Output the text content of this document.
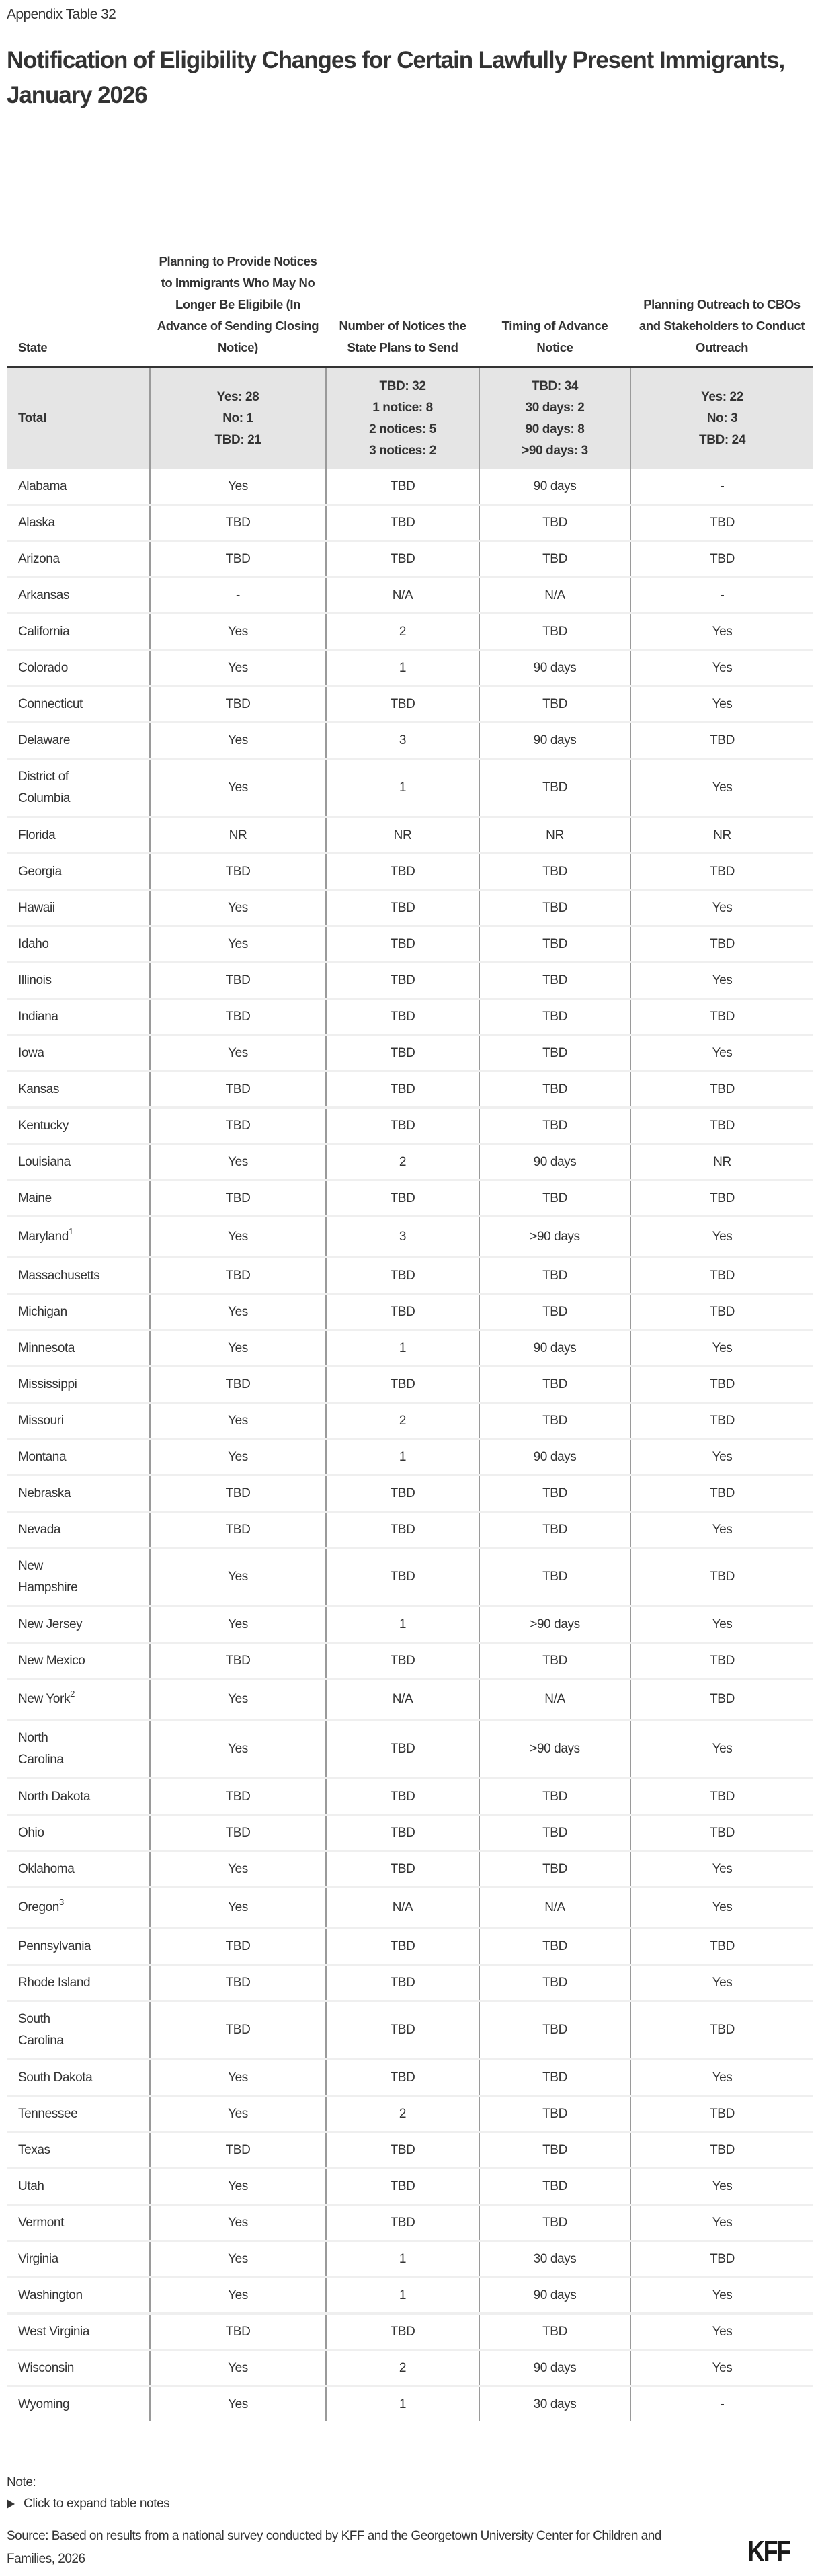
Appendix Table 32
Notification of Eligibility Changes for Certain Lawfully Present Immigrants, January 2026
State	Planning to Provide Notices to Immigrants Who May No Longer Be Eligibile (In Advance of Sending Closing Notice)	Number of Notices the State Plans to Send	Timing of Advance Notice	Planning Outreach to CBOs and Stakeholders to Conduct Outreach
Total	Yes: 28
No: 1
TBD: 21	TBD: 32
1 notice: 8
2 notices: 5
3 notices: 2	TBD: 34
30 days: 2
90 days: 8
>90 days: 3	Yes: 22
No: 3
TBD: 24

Alabama	Yes	TBD	90 days	-
Alaska	TBD	TBD	TBD	TBD
Arizona	TBD	TBD	TBD	TBD
Arkansas	-	N/A	N/A	-
California	Yes	2	TBD	Yes
Colorado	Yes	1	90 days	Yes
Connecticut	TBD	TBD	TBD	Yes
Delaware	Yes	3	90 days	TBD
District of Columbia	Yes	1	TBD	Yes
Florida	NR	NR	NR	NR
Georgia	TBD	TBD	TBD	TBD
Hawaii	Yes	TBD	TBD	Yes
Idaho	Yes	TBD	TBD	TBD
Illinois	TBD	TBD	TBD	Yes
Indiana	TBD	TBD	TBD	TBD
Iowa	Yes	TBD	TBD	Yes
Kansas	TBD	TBD	TBD	TBD
Kentucky	TBD	TBD	TBD	TBD
Louisiana	Yes	2	90 days	NR
Maine	TBD	TBD	TBD	TBD
Maryland$^1$	Yes	3	>90 days	Yes
Massachusetts	TBD	TBD	TBD	TBD
Michigan	Yes	TBD	TBD	TBD
Minnesota	Yes	1	90 days	Yes
Mississippi	TBD	TBD	TBD	TBD
Missouri	Yes	2	TBD	TBD
Montana	Yes	1	90 days	Yes
Nebraska	TBD	TBD	TBD	TBD
Nevada	TBD	TBD	TBD	Yes
New Hampshire	Yes	TBD	TBD	TBD
New Jersey	Yes	1	>90 days	Yes
New Mexico	TBD	TBD	TBD	TBD
New York$^2$	Yes	N/A	N/A	TBD
North Carolina	Yes	TBD	>90 days	Yes
North Dakota	TBD	TBD	TBD	TBD
Ohio	TBD	TBD	TBD	TBD
Oklahoma	Yes	TBD	TBD	Yes
Oregon$^3$	Yes	N/A	N/A	Yes
Pennsylvania	TBD	TBD	TBD	TBD
Rhode Island	TBD	TBD	TBD	Yes
South Carolina	TBD	TBD	TBD	TBD
South Dakota	Yes	TBD	TBD	Yes
Tennessee	Yes	2	TBD	TBD
Texas	TBD	TBD	TBD	TBD
Utah	Yes	TBD	TBD	Yes
Vermont	Yes	TBD	TBD	Yes
Virginia	Yes	1	30 days	TBD
Washington	Yes	1	90 days	Yes
West Virginia	TBD	TBD	TBD	Yes
Wisconsin	Yes	2	90 days	Yes
Wyoming	Yes	1	30 days	-
Note:
Click to expand table notes
Source: Based on results from a national survey conducted by KFF and the Georgetown University Center for Children and Families, 2026	KFF
